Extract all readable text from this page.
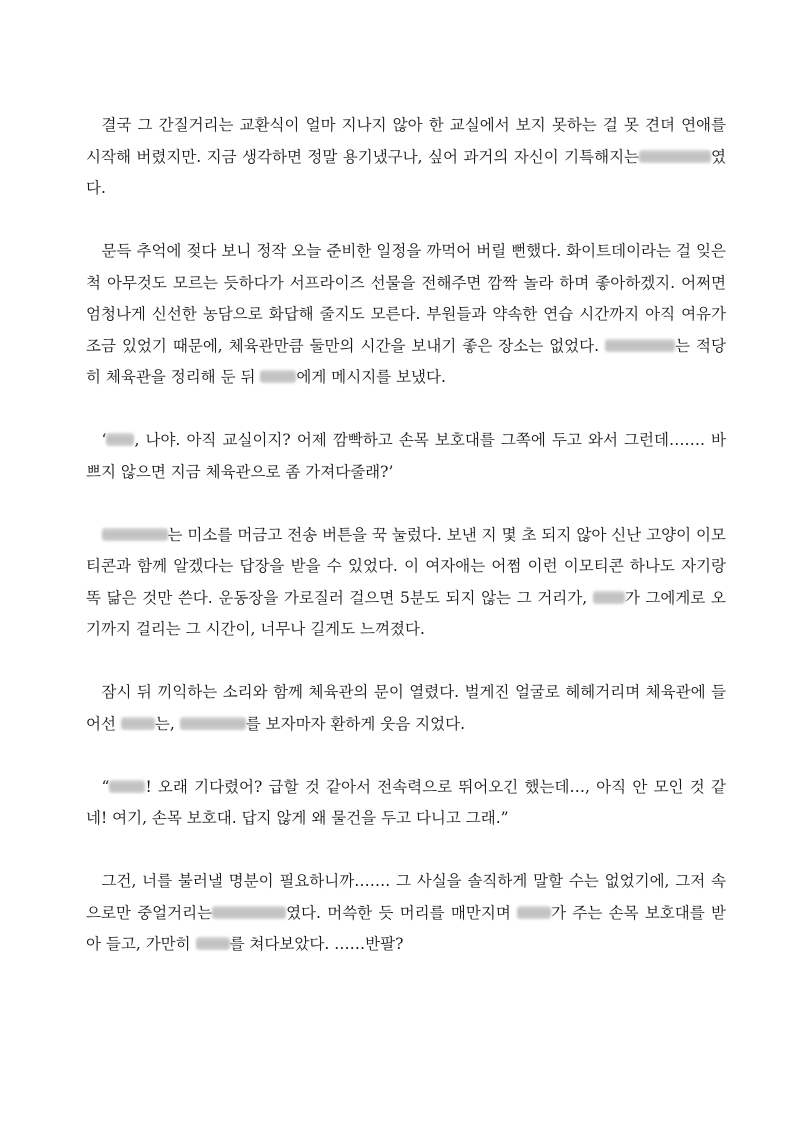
결국 그 간질거리는 교환식이 얼마 지나지 않아 한 교실에서 보지 못하는 걸 못 견뎌 연애를 시작해 버렸지만. 지금 생각하면 정말 용기냈구나, 싶어 과거의 자신이 기특해지는	였다.

문득 추억에 젖다 보니 정작 오늘 준비한 일정을 까먹어 버릴 뻔했다. 화이트데이라는 걸 잊은 척 아무것도 모르는 듯하다가 서프라이즈 선물을 전해주면 깜짝 놀라 하며 좋아하겠지. 어쩌면 엄청나게 신선한 농담으로 화답해 줄지도 모른다. 부원들과 약속한 연습 시간까지 아직 여유가 조금 있었기 때문에, 체육관만큼 둘만의 시간을 보내기 좋은 장소는 없었다.	는 적당히 체육관을 정리해 둔 뒤	에게 메시지를 보냈다.

‘ , 나야. 아직 교실이지? 어제 깜빡하고 손목 보호대를 그쪽에 두고 와서 그런데……. 바쁘지 않으면 지금 체육관으로 좀 가져다줄래?’

는 미소를 머금고 전송 버튼을 꾹 눌렀다. 보낸 지 몇 초 되지 않아 신난 고양이 이모티콘과 함께 알겠다는 답장을 받을 수 있었다. 이 여자애는 어쩜 이런 이모티콘 하나도 자기랑 똑 닮은 것만 쓴다. 운동장을 가로질러 걸으면 5분도 되지 않는 그 거리가, 가 그에게로 오기까지 걸리는 그 시간이, 너무나 길게도 느껴졌다.

잠시 뒤 끼익하는 소리와 함께 체육관의 문이 열렸다. 벌게진 얼굴로 헤헤거리며 체육관에 들어선	는,	를 보자마자 환하게 웃음 지었다.

“ ! 오래 기다렸어? 급할 것 같아서 전속력으로 뛰어오긴 했는데…, 아직 안 모인 것 같네! 여기, 손목 보호대. 답지 않게 왜 물건을 두고 다니고 그래.”

그건, 너를 불러낼 명분이 필요하니까……. 그 사실을 솔직하게 말할 수는 없었기에, 그저 속으로만 중얼거리는	였다. 머쓱한 듯 머리를 매만지며	가 주는 손목 보호대를 받아 들고, 가만히	를 쳐다보았다. ……반팔?
